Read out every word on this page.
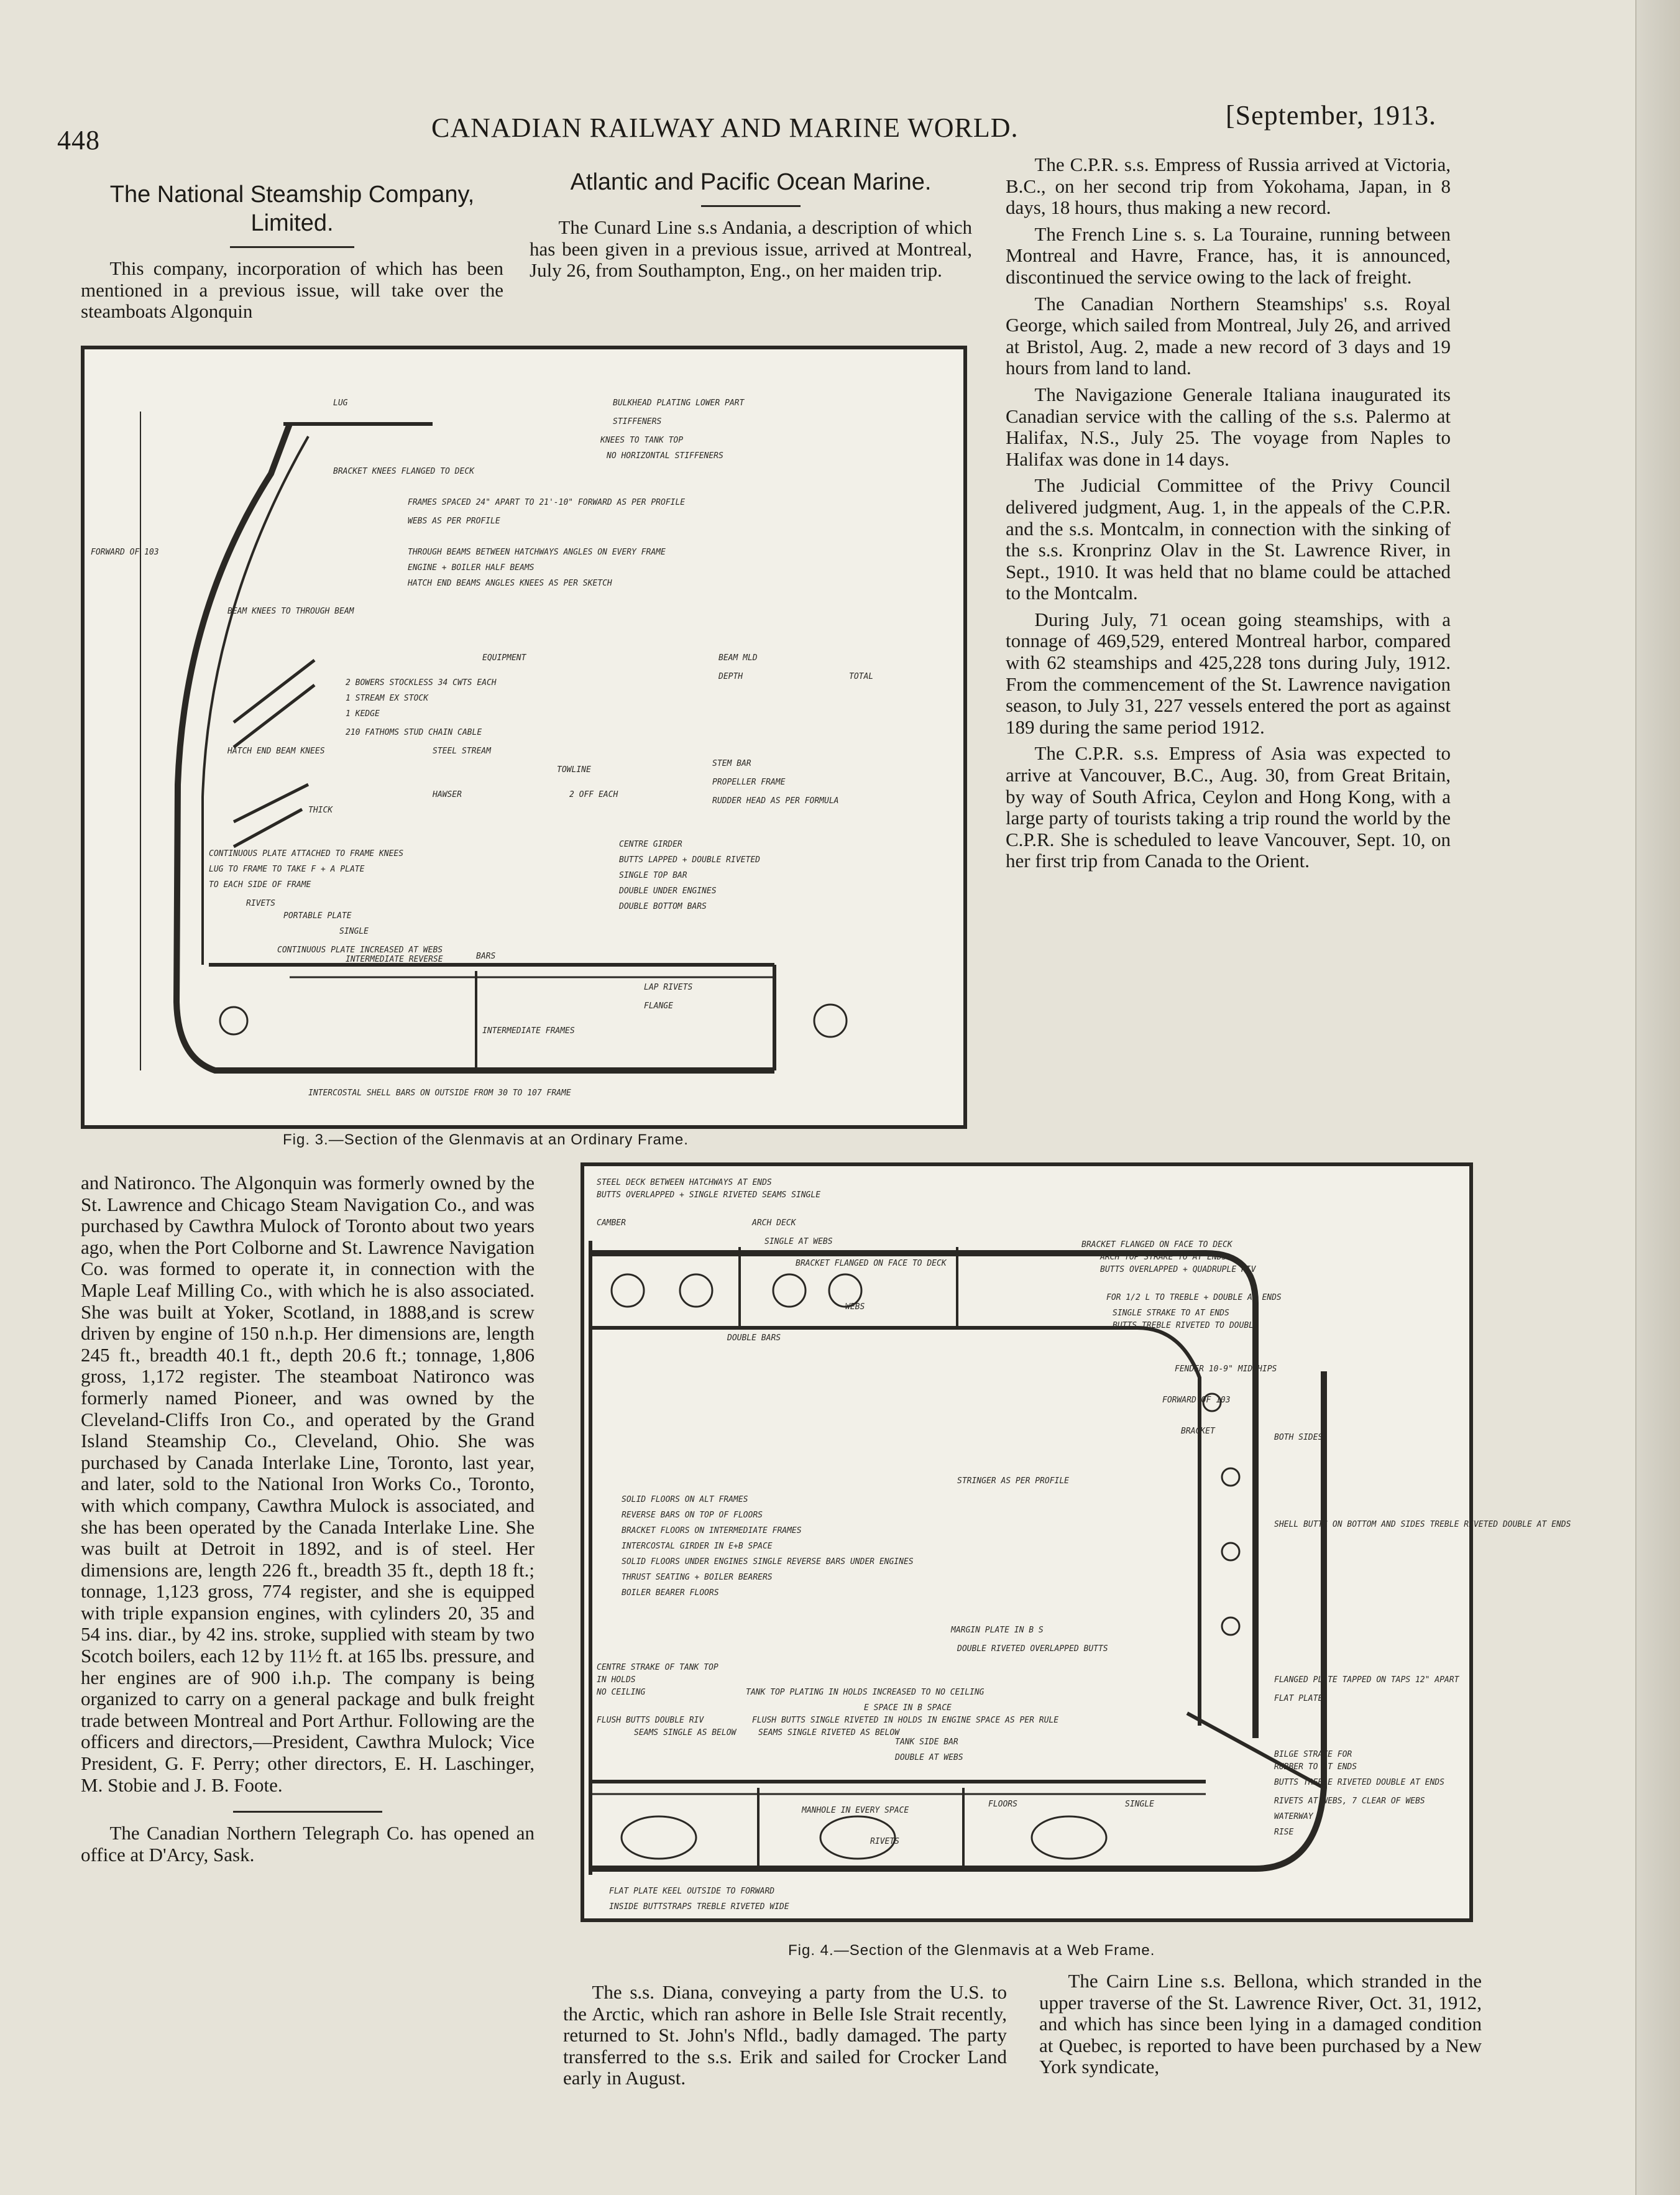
448	CANADIAN RAILWAY AND MARINE WORLD.	[September, 1913.
The National Steamship Company,
Limited.

This company, incorporation of which has been mentioned in a previous issue, will take over the steamboats Algonquin

Atlantic and Pacific Ocean Marine.

The Cunard Line s.s Andania, a description of which has been given in a previous issue, arrived at Montreal, July 26, from Southampton, Eng., on her maiden trip.

The C.P.R. s.s. Empress of Russia arrived at Victoria, B.C., on her second trip from Yokohama, Japan, in 8 days, 18 hours, thus making a new record.

The French Line s. s. La Touraine, running between Montreal and Havre, France, has, it is announced, discontinued the service owing to the lack of freight.

The Canadian Northern Steamships' s.s. Royal George, which sailed from Montreal, July 26, and arrived at Bristol, Aug. 2, made a new record of 3 days and 19 hours from land to land.

The Navigazione Generale Italiana inaugurated its Canadian service with the calling of the s.s. Palermo at Halifax, N.S., July 25. The voyage from Naples to Halifax was done in 14 days.

The Judicial Committee of the Privy Council delivered judgment, Aug. 1, in the appeals of the C.P.R. and the s.s. Montcalm, in connection with the sinking of the s.s. Kronprinz Olav in the St. Lawrence River, in Sept., 1910. It was held that no blame could be attached to the Montcalm.

During July, 71 ocean going steamships, with a tonnage of 469,529, entered Montreal harbor, compared with 62 steamships and 425,228 tons during July, 1912. From the commencement of the St. Lawrence navigation season, to July 31, 227 vessels entered the port as against 189 during the same period 1912.

The C.P.R. s.s. Empress of Asia was expected to arrive at Vancouver, B.C., Aug. 30, from Great Britain, by way of South Africa, Ceylon and Hong Kong, with a large party of tourists taking a trip round the world by the C.P.R. She is scheduled to leave Vancouver, Sept. 10, on her first trip from Canada to the Orient.

BULKHEAD PLATING LOWER PART
STIFFENERS
KNEES TO TANK TOP
NO HORIZONTAL STIFFENERS
BRACKET KNEES FLANGED TO DECK
FRAMES SPACED 24" APART TO 21'-10" FORWARD AS PER PROFILE
WEBS AS PER PROFILE
THROUGH BEAMS BETWEEN HATCHWAYS ANGLES ON EVERY FRAME
ENGINE + BOILER HALF BEAMS
HATCH END BEAMS ANGLES KNEES AS PER SKETCH
BEAM KNEES TO THROUGH BEAM
EQUIPMENT
2 BOWERS STOCKLESS 34 CWTS EACH
1 STREAM EX STOCK
1 KEDGE
210 FATHOMS STUD CHAIN CABLE
STEEL STREAM
TOWLINE
HAWSER	2 OFF EACH
STEM BAR
PROPELLER FRAME
RUDDER HEAD AS PER FORMULA
HATCH END BEAM KNEES
THICK
CONTINUOUS PLATE ATTACHED TO FRAME KNEES
LUG TO FRAME TO TAKE F + A PLATE
TO EACH SIDE OF FRAME
RIVETS
PORTABLE PLATE
SINGLE
CONTINUOUS PLATE INCREASED AT WEBS
CENTRE GIRDER
BUTTS LAPPED + DOUBLE RIVETED
SINGLE TOP BAR
DOUBLE UNDER ENGINES
DOUBLE BOTTOM BARS
INTERMEDIATE REVERSE	BARS
LAP RIVETS
FLANGE
INTERMEDIATE FRAMES
INTERCOSTAL SHELL BARS ON OUTSIDE FROM 30 TO 107 FRAME
FORWARD OF 103
LUG
BEAM MLD
DEPTH	TOTAL
Fig. 3.—Section of the Glenmavis at an Ordinary Frame.

and Natironco. The Algonquin was formerly owned by the St. Lawrence and Chicago Steam Navigation Co., and was purchased by Cawthra Mulock of Toronto about two years ago, when the Port Colborne and St. Lawrence Navigation Co. was formed to operate it, in connection with the Maple Leaf Milling Co., with which he is also associated. She was built at Yoker, Scotland, in 1888,and is screw driven by engine of 150 n.h.p. Her dimensions are, length 245 ft., breadth 40.1 ft., depth 20.6 ft.; tonnage, 1,806 gross, 1,172 register. The steamboat Natironco was formerly named Pioneer, and was owned by the Cleveland-Cliffs Iron Co., and operated by the Grand Island Steamship Co., Cleveland, Ohio. She was purchased by Canada Interlake Line, Toronto, last year, and later, sold to the National Iron Works Co., Toronto, with which company, Cawthra Mulock is associated, and she has been operated by the Canada Interlake Line. She was built at Detroit in 1892, and is of steel. Her dimensions are, length 226 ft., breadth 35 ft., depth 18 ft.; tonnage, 1,123 gross, 774 register, and she is equipped with triple expansion engines, with cylinders 20, 35 and 54 ins. diar., by 42 ins. stroke, supplied with steam by two Scotch boilers, each 12 by 11½ ft. at 165 lbs. pressure, and her engines are of 900 i.h.p. The company is being organized to carry on a general package and bulk freight trade between Montreal and Port Arthur. Following are the officers and directors,—President, Cawthra Mulock; Vice President, G. F. Perry; other directors, E. H. Laschinger, M. Stobie and J. B. Foote.

The Canadian Northern Telegraph Co. has opened an office at D'Arcy, Sask.

STEEL DECK BETWEEN HATCHWAYS AT ENDS
BUTTS OVERLAPPED + SINGLE RIVETED SEAMS SINGLE
CAMBER	ARCH DECK
SINGLE AT WEBS
BRACKET FLANGED ON FACE TO DECK
WEBS
DOUBLE BARS
BRACKET FLANGED ON FACE TO DECK
ARCH TOP STRAKE TO AT ENDS
BUTTS OVERLAPPED + QUADRUPLE RIV
FOR 1/2 L TO TREBLE + DOUBLE AT ENDS
SINGLE STRAKE TO AT ENDS
BUTTS TREBLE RIVETED TO DOUBLE
FENDER 10-9" MIDSHIPS
FORWARD OF 103
BRACKET
BOTH SIDES
STRINGER AS PER PROFILE
SOLID FLOORS ON ALT FRAMES
REVERSE BARS ON TOP OF FLOORS
BRACKET FLOORS ON INTERMEDIATE FRAMES
INTERCOSTAL GIRDER IN E+B SPACE
SOLID FLOORS UNDER ENGINES SINGLE REVERSE BARS UNDER ENGINES
THRUST SEATING + BOILER BEARERS
BOILER BEARER FLOORS
SHELL BUTTS ON BOTTOM AND SIDES TREBLE RIVETED DOUBLE AT ENDS
MARGIN PLATE IN B S
DOUBLE RIVETED OVERLAPPED BUTTS
CENTRE STRAKE OF TANK TOP
IN HOLDS
NO CEILING	TANK TOP PLATING IN HOLDS INCREASED TO NO CEILING
E SPACE IN B SPACE
FLUSH BUTTS DOUBLE RIV	FLUSH BUTTS SINGLE RIVETED IN HOLDS IN ENGINE SPACE AS PER RULE
SEAMS SINGLE AS BELOW	SEAMS SINGLE RIVETED AS BELOW
TANK SIDE BAR
DOUBLE AT WEBS
FLANGED PLATE TAPPED ON TAPS 12" APART
FLAT PLATE
BILGE STRAKE FOR
RUBBER TO AT ENDS
BUTTS TREBLE RIVETED DOUBLE AT ENDS
RIVETS AT WEBS, 7 CLEAR OF WEBS
WATERWAY
RISE
MANHOLE IN EVERY SPACE
FLOORS
RIVETS
SINGLE
FLAT PLATE KEEL OUTSIDE TO FORWARD
INSIDE BUTTSTRAPS TREBLE RIVETED WIDE
Fig. 4.—Section of the Glenmavis at a Web Frame.

The s.s. Diana, conveying a party from the U.S. to the Arctic, which ran ashore in Belle Isle Strait recently, returned to St. John's Nfld., badly damaged. The party transferred to the s.s. Erik and sailed for Crocker Land early in August.

The Cairn Line s.s. Bellona, which stranded in the upper traverse of the St. Lawrence River, Oct. 31, 1912, and which has since been lying in a damaged condition at Quebec, is reported to have been purchased by a New York syndicate,
